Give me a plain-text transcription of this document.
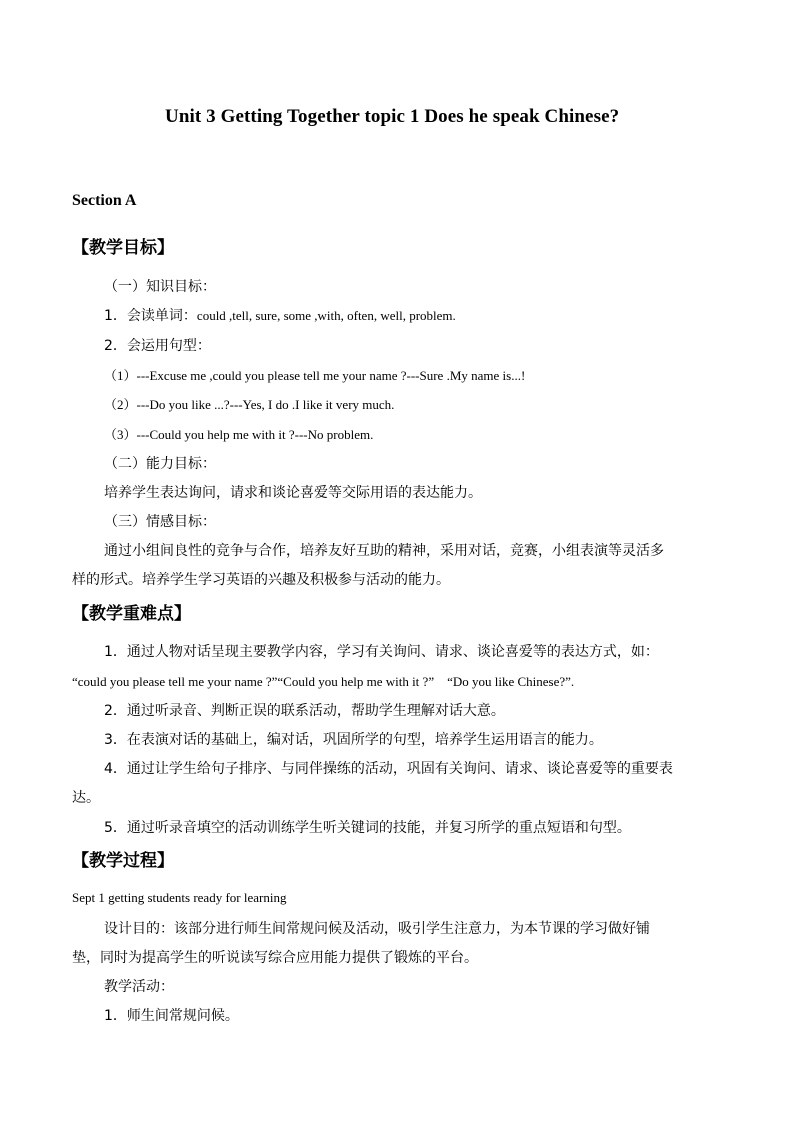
Unit 3 Getting Together topic 1 Does he speak Chinese?
Section A
【教学目标】
（一）知识目标：
1．会读单词：could ,tell, sure, some ,with, often, well, problem.
2．会运用句型：
（1）---Excuse me ,could you please tell me your name ?---Sure .My name is...!
（2）---Do you like ...?---Yes, I do .I like it very much.
（3）---Could you help me with it ?---No problem.
（二）能力目标：
培养学生表达询问，请求和谈论喜爱等交际用语的表达能力。
（三）情感目标：
通过小组间良性的竞争与合作，培养友好互助的精神，采用对话，竞赛，小组表演等灵活多
样的形式。培养学生学习英语的兴趣及积极参与活动的能力。
【教学重难点】
1．通过人物对话呈现主要教学内容，学习有关询问、请求、谈论喜爱等的表达方式，如：
“could you please tell me your name ?”“Could you help me with it ?”　“Do you like Chinese?”.
2．通过听录音、判断正误的联系活动，帮助学生理解对话大意。
3．在表演对话的基础上，编对话，巩固所学的句型，培养学生运用语言的能力。
4．通过让学生给句子排序、与同伴操练的活动，巩固有关询问、请求、谈论喜爱等的重要表
达。
5．通过听录音填空的活动训练学生听关键词的技能，并复习所学的重点短语和句型。
【教学过程】
Sept 1 getting students ready for learning
设计目的：该部分进行师生间常规问候及活动，吸引学生注意力，为本节课的学习做好铺
垫，同时为提高学生的听说读写综合应用能力提供了锻炼的平台。
教学活动：
1．师生间常规问候。
